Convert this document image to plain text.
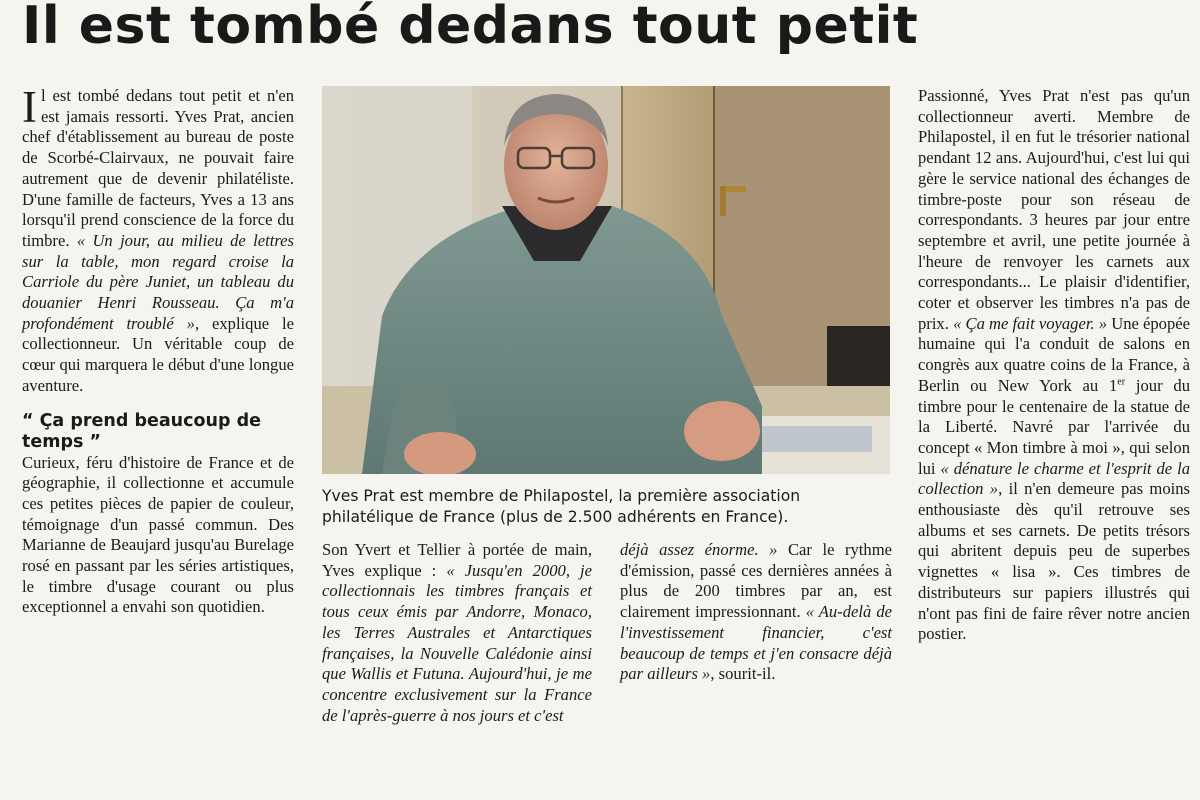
Il est tombé dedans tout petit

Il est tombé dedans tout petit et n'en est jamais ressorti. Yves Prat, ancien chef d'établissement au bureau de poste de Scorbé-Clairvaux, ne pouvait faire autrement que de devenir philatéliste. D'une famille de facteurs, Yves a 13 ans lorsqu'il prend conscience de la force du timbre. « Un jour, au milieu de lettres sur la table, mon regard croise la Carriole du père Juniet, un tableau du douanier Henri Rousseau. Ça m'a profondément troublé », explique le collectionneur. Un véritable coup de cœur qui marquera le début d'une longue aventure.

“ Ça prend beaucoup de temps ”

Curieux, féru d'histoire de France et de géographie, il collectionne et accumule ces petites pièces de papier de couleur, témoignage d'un passé commun. Des Marianne de Beaujard jusqu'au Burelage rosé en passant par les séries artistiques, le timbre d'usage courant ou plus exceptionnel a envahi son quotidien.

Yves Prat est membre de Philapostel, la première association philatélique de France (plus de 2.500 adhérents en France).

Son Yvert et Tellier à portée de main, Yves explique : « Jusqu'en 2000, je collectionnais les timbres français et tous ceux émis par Andorre, Monaco, les Terres Australes et Antarctiques françaises, la Nouvelle Calédonie ainsi que Wallis et Futuna. Aujourd'hui, je me concentre exclusivement sur la France de l'après-guerre à nos jours et c'est

déjà assez énorme. » Car le rythme d'émission, passé ces dernières années à plus de 200 timbres par an, est clairement impressionnant. « Au-delà de l'investissement financier, c'est beaucoup de temps et j'en consacre déjà par ailleurs », sourit-il.

Passionné, Yves Prat n'est pas qu'un collectionneur averti. Membre de Philapostel, il en fut le trésorier national pendant 12 ans. Aujourd'hui, c'est lui qui gère le service national des échanges de timbre-poste pour son réseau de correspondants. 3 heures par jour entre septembre et avril, une petite journée à l'heure de renvoyer les carnets aux correspondants... Le plaisir d'identifier, coter et observer les timbres n'a pas de prix. « Ça me fait voyager. » Une épopée humaine qui l'a conduit de salons en congrès aux quatre coins de la France, à Berlin ou New York au 1er jour du timbre pour le centenaire de la statue de la Liberté. Navré par l'arrivée du concept « Mon timbre à moi », qui selon lui « dénature le charme et l'esprit de la collection », il n'en demeure pas moins enthousiaste dès qu'il retrouve ses albums et ses carnets. De petits trésors qui abritent depuis peu de superbes vignettes « lisa ». Ces timbres de distributeurs sur papiers illustrés qui n'ont pas fini de faire rêver notre ancien postier.
